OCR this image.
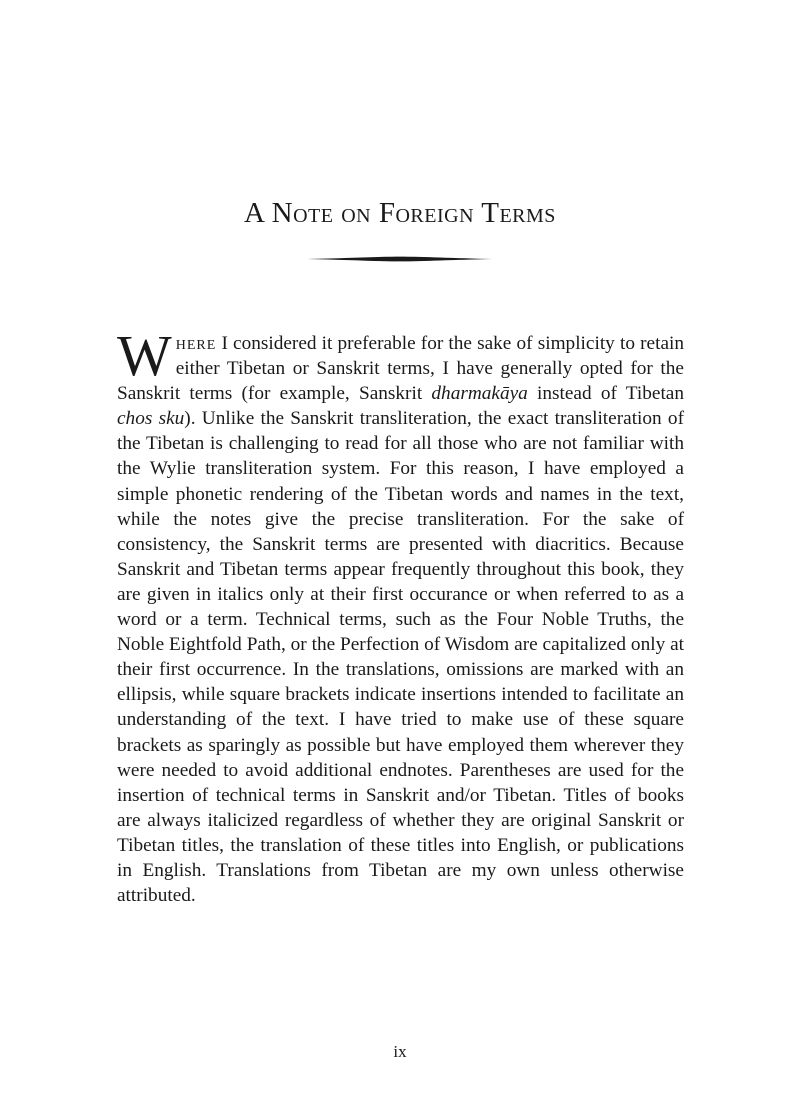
A Note on Foreign Terms

Where I considered it preferable for the sake of simplicity to retain either Tibetan or Sanskrit terms, I have generally opted for the Sanskrit terms (for example, Sanskrit dharmakāya instead of Tibetan chos sku). Unlike the Sanskrit transliteration, the exact transliteration of the Tibetan is challenging to read for all those who are not familiar with the Wylie transliteration system. For this reason, I have employed a simple phonetic rendering of the Tibetan words and names in the text, while the notes give the precise transliteration. For the sake of consistency, the Sanskrit terms are presented with diacritics. Because Sanskrit and Tibetan terms appear frequently throughout this book, they are given in italics only at their first occurance or when referred to as a word or a term. Technical terms, such as the Four Noble Truths, the Noble Eightfold Path, or the Perfection of Wisdom are capitalized only at their first occurrence. In the translations, omissions are marked with an ellipsis, while square brackets indicate insertions intended to facilitate an understanding of the text. I have tried to make use of these square brackets as sparingly as possible but have employed them wherever they were needed to avoid additional endnotes. Parentheses are used for the insertion of technical terms in Sanskrit and/or Tibetan. Titles of books are always italicized regardless of whether they are original Sanskrit or Tibetan titles, the translation of these titles into English, or publications in English. Translations from Tibetan are my own unless otherwise attributed.

ix
